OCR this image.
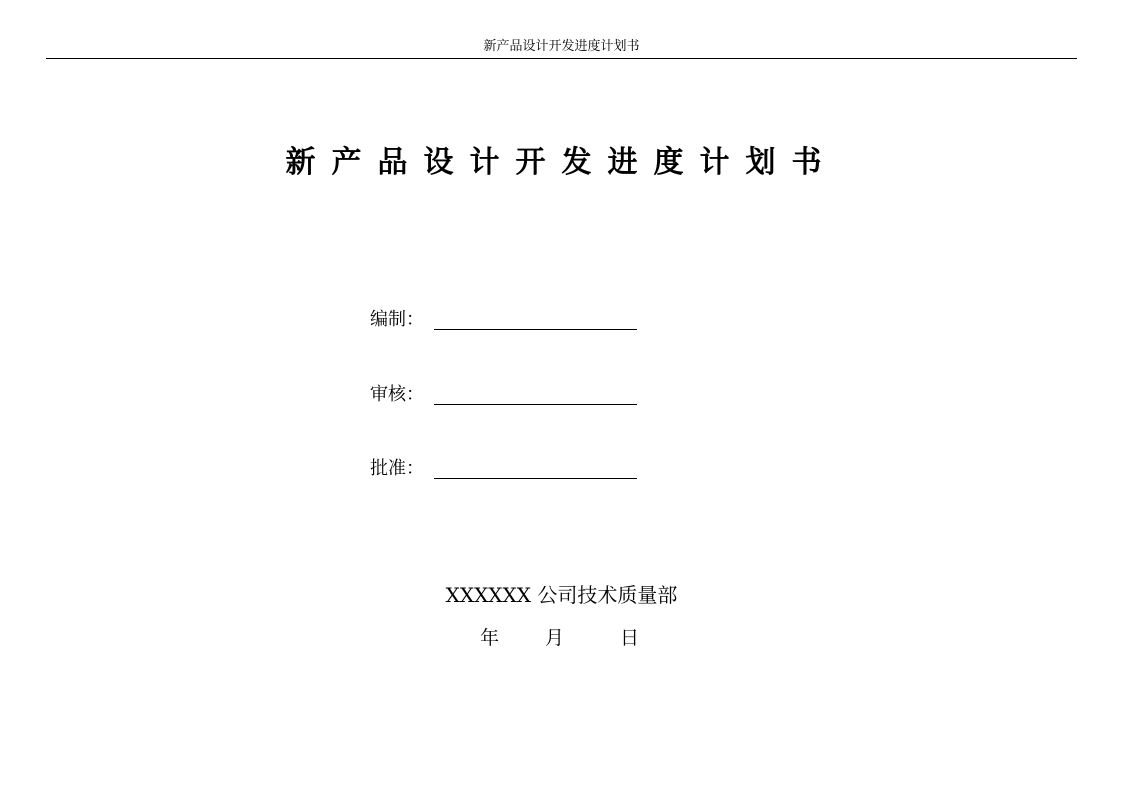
新产品设计开发进度计划书
新产品设计开发进度计划书
编制：
审核：
批准：
XXXXXX 公司技术质量部
年 月	日
